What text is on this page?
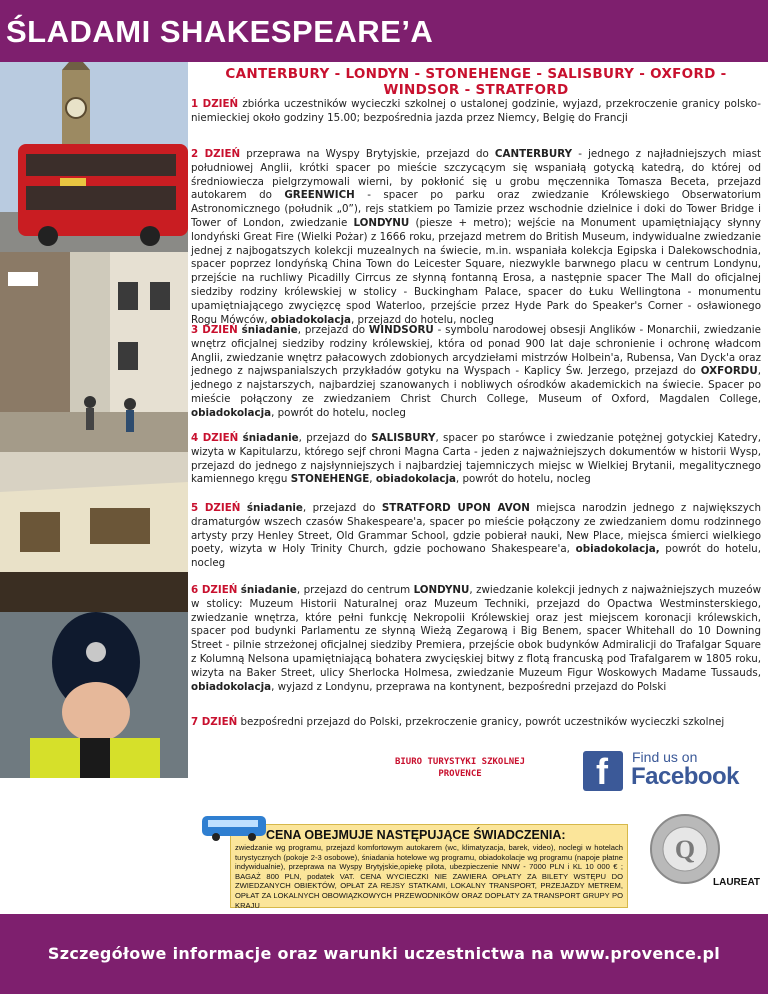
ŚLADAMI SHAKESPEARE’A
CANTERBURY - LONDYN - STONEHENGE - SALISBURY - OXFORD - WINDSOR - STRATFORD

1 DZIEŃ zbiórka uczestników wycieczki szkolnej o ustalonej godzinie, wyjazd, przekroczenie granicy polsko-niemieckiej około godziny 15.00; bezpośrednia jazda przez Niemcy, Belgię do Francji

2 DZIEŃ przeprawa na Wyspy Brytyjskie, przejazd do CANTERBURY - jednego z najładniejszych miast południowej Anglii, krótki spacer po mieście szczycącym się wspaniałą gotycką katedrą, do której od średniowiecza pielgrzymowali wierni, by pokłonić się u grobu męczennika Tomasza Beceta, przejazd autokarem do GREENWICH - spacer po parku oraz zwiedzanie Królewskiego Obserwatorium Astronomicznego (południk „0”), rejs statkiem po Tamizie przez wschodnie dzielnice i doki do Tower Bridge i Tower of London, zwiedzanie LONDYNU (piesze + metro); wejście na Monument upamiętniający słynny londyński Great Fire (Wielki Pożar) z 1666 roku, przejazd metrem do British Museum, indywidualne zwiedzanie jednej z najbogatszych kolekcji muzealnych na świecie, m.in. wspaniała kolekcja Egipska i Dalekowschodnia, spacer poprzez londyńską China Town do Leicester Square, niezwykle barwnego placu w centrum Londynu, przejście na ruchliwy Picadilly Cirrcus ze słynną fontanną Erosa, a następnie spacer The Mall do oficjalnej siedziby rodziny królewskiej w stolicy - Buckingham Palace, spacer do Łuku Wellingtona - monumentu upamiętniającego zwycięzcę spod Waterloo, przejście przez Hyde Park do Speaker's Corner - osławionego Rogu Mówców, obiadokolacja, przejazd do hotelu, nocleg

3 DZIEŃ śniadanie, przejazd do WINDSORU - symbolu narodowej obsesji Anglików - Monarchii, zwiedzanie wnętrz oficjalnej siedziby rodziny królewskiej, która od ponad 900 lat daje schronienie i ochronę władcom Anglii, zwiedzanie wnętrz pałacowych zdobionych arcydziełami mistrzów Holbein'a, Rubensa, Van Dyck'a oraz jednego z najwspanialszych przykładów gotyku na Wyspach - Kaplicy Św. Jerzego, przejazd do OXFORDU, jednego z najstarszych, najbardziej szanowanych i nobliwych ośrodków akademickich na świecie. Spacer po mieście połączony ze zwiedzaniem Christ Church College, Museum of Oxford, Magdalen College, obiadokolacja, powrót do hotelu, nocleg

4 DZIEŃ śniadanie, przejazd do SALISBURY, spacer po starówce i zwiedzanie potężnej gotyckiej Katedry, wizyta w Kapitularzu, którego sejf chroni Magna Carta - jeden z najważniejszych dokumentów w historii Wysp, przejazd do jednego z najsłynniejszych i najbardziej tajemniczych miejsc w Wielkiej Brytanii, megalitycznego kamiennego kręgu STONEHENGE, obiadokolacja, powrót do hotelu, nocleg

5 DZIEŃ śniadanie, przejazd do STRATFORD UPON AVON miejsca narodzin jednego z największych dramaturgów wszech czasów Shakespeare'a, spacer po mieście połączony ze zwiedzaniem domu rodzinnego artysty przy Henley Street, Old Grammar School, gdzie pobierał nauki, New Place, miejsca śmierci wielkiego poety, wizyta w Holy Trinity Church, gdzie pochowano Shakespeare'a, obiadokolacja, powrót do hotelu, nocleg

6 DZIEŃ śniadanie, przejazd do centrum LONDYNU, zwiedzanie kolekcji jednych z najważniejszych muzeów w stolicy: Muzeum Historii Naturalnej oraz Muzeum Techniki, przejazd do Opactwa Westminsterskiego, zwiedzanie wnętrza, które pełni funkcję Nekropolii Królewskiej oraz jest miejscem koronacji królewskich, spacer pod budynki Parlamentu ze słynną Wieżą Zegarową i Big Benem, spacer Whitehall do 10 Downing Street - pilnie strzeżonej oficjalnej siedziby Premiera, przejście obok budynków Admiralicji do Trafalgar Square z Kolumną Nelsona upamiętniającą bohatera zwycięskiej bitwy z flotą francuską pod Trafalgarem w 1805 roku, wizyta na Baker Street, ulicy Sherlocka Holmesa, zwiedzanie Muzeum Figur Woskowych Madame Tussauds, obiadokolacja, wyjazd z Londynu, przeprawa na kontynent, bezpośredni przejazd do Polski

7 DZIEŃ bezpośredni przejazd do Polski, przekroczenie granicy, powrót uczestników wycieczki szkolnej

BIURO TURYSTYKI SZKOLNEJ
PROVENCE	f Find us on
Facebook
CENA OBEJMUJE NASTĘPUJĄCE ŚWIADCZENIA:
zwiedzanie wg programu, przejazd komfortowym autokarem (wc, klimatyzacja, barek, video), noclegi w hotelach turystycznych (pokoje 2-3 osobowe), śniadania hotelowe wg programu, obiadokolacje wg programu (napoje płatne indywidualnie), przeprawa na Wyspy Brytyjskie,opiekę pilota, ubezpieczenie NNW - 7000 PLN i KL 10 000 € ; BAGAŻ 800 PLN, podatek VAT. CENA WYCIECZKI NIE ZAWIERA OPŁATY ZA BILETY WSTĘPU DO ZWIEDZANYCH OBIEKTÓW, OPŁAT ZA REJSY STATKAMI, LOKALNY TRANSPORT, PRZEJAZDY METREM, OPŁAT ZA LOKALNYCH OBOWIĄZKOWYCH PRZEWODNIKÓW ORAZ DOPŁATY ZA TRANSPORT GRUPY PO KRAJU
Q
LAUREAT
Szczegółowe informacje oraz warunki uczestnictwa na www.provence.pl
